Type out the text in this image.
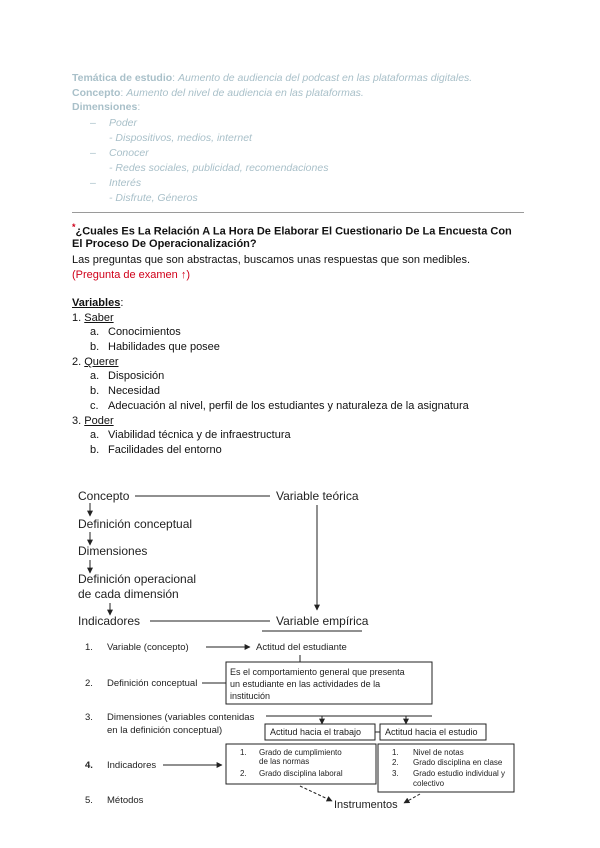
Temática de estudio: Aumento de audiencia del podcast en las plataformas digitales.
Concepto: Aumento del nivel de audiencia en las plataformas.
Dimensiones:
– Poder
- Dispositivos, medios, internet
– Conocer
- Redes sociales, publicidad, recomendaciones
– Interés
- Disfrute, Géneros
*¿Cuales Es La Relación A La Hora De Elaborar El Cuestionario De La Encuesta Con
El Proceso De Operacionalización?
Las preguntas que son abstractas, buscamos unas respuestas que son medibles.
(Pregunta de examen ↑)
Variables:
1. Saber
a. Conocimientos
b. Habilidades que posee
2. Querer
a. Disposición
b. Necesidad
c. Adecuación al nivel, perfil de los estudiantes y naturaleza de la asignatura
3. Poder
a. Viabilidad técnica y de infraestructura
b. Facilidades del entorno
Concepto	Variable teórica
Definición conceptual
Dimensiones
Definición operacional
de cada dimensión
Indicadores	Variable empírica
1. Variable (concepto)	Actitud del estudiante
2. Definición conceptual
Es el comportamiento general que presenta
un estudiante en las actividades de la
institución
3. Dimensiones (variables contenidas
en la definición conceptual)	Actitud hacia el trabajo	Actitud hacia el estudio
4. Indicadores
1. Grado de cumplimiento
de las normas
2. Grado disciplina laboral
1. Nivel de notas
2. Grado disciplina en clase
3. Grado estudio individual y
colectivo
5. Métodos	Instrumentos
